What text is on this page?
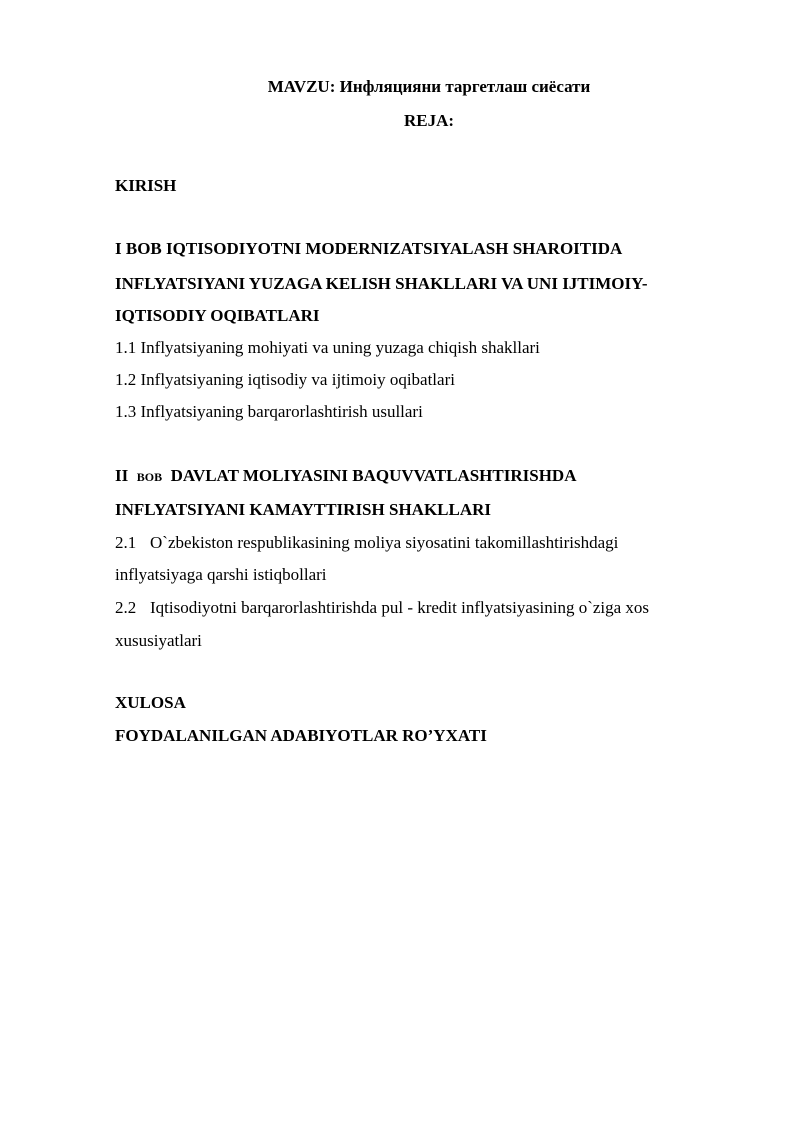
MAVZU: Инфляцияни таргетлаш сиёсати
REJA:
KIRISH
I BOB IQTISODIYOTNI MODERNIZATSIYALASH SHAROITIDA
INFLYATSIYANI YUZAGA KELISH SHAKLLARI VA UNI IJTIMOIY-
IQTISODIY OQIBATLARI
1.1 Inflyatsiyaning mohiyati va uning yuzaga chiqish shakllari
1.2 Inflyatsiyaning iqtisodiy va ijtimoiy oqibatlari
1.3 Inflyatsiyaning barqarorlashtirish usullari
II BOB DAVLAT MOLIYASINI BAQUVVATLASHTIRISHDA
INFLYATSIYANI KAMAYTTIRISH SHAKLLARI
2.1 O`zbekiston respublikasining moliya siyosatini takomillashtirishdagi
inflyatsiyaga qarshi istiqbollari
2.2 Iqtisodiyotni barqarorlashtirishda pul - kredit inflyatsiyasining o`ziga xos
xususiyatlari
XULOSA
FOYDALANILGAN ADABIYOTLAR RO’YXATI
